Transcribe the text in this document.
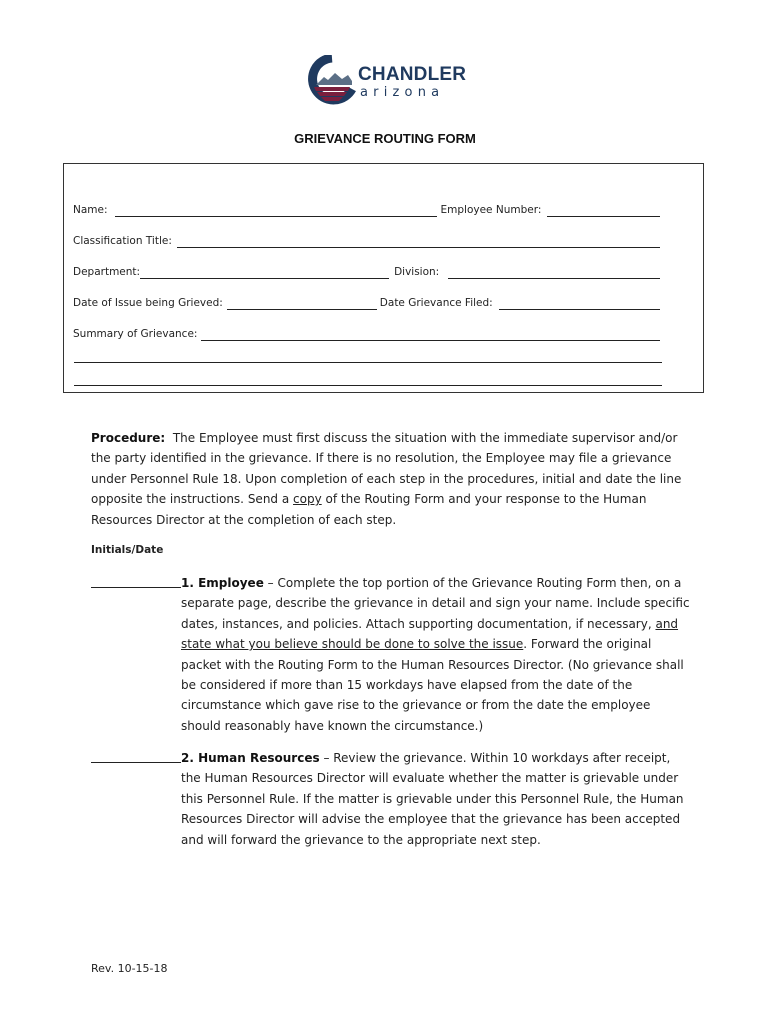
CHANDLER
arizona
GRIEVANCE ROUTING FORM
Name:	Employee Number:
Classification Title:
Department:	Division:
Date of Issue being Grieved:	Date Grievance Filed:
Summary of Grievance:
Procedure: The Employee must first discuss the situation with the immediate supervisor and/or the party identified in the grievance. If there is no resolution, the Employee may file a grievance under Personnel Rule 18. Upon completion of each step in the procedures, initial and date the line opposite the instructions. Send a copy of the Routing Form and your response to the Human Resources Director at the completion of each step.
Initials/Date
1. Employee – Complete the top portion of the Grievance Routing Form then, on a separate page, describe the grievance in detail and sign your name. Include specific dates, instances, and policies. Attach supporting documentation, if necessary, and state what you believe should be done to solve the issue. Forward the original packet with the Routing Form to the Human Resources Director. (No grievance shall be considered if more than 15 workdays have elapsed from the date of the circumstance which gave rise to the grievance or from the date the employee should reasonably have known the circumstance.)
2. Human Resources – Review the grievance. Within 10 workdays after receipt, the Human Resources Director will evaluate whether the matter is grievable under this Personnel Rule. If the matter is grievable under this Personnel Rule, the Human Resources Director will advise the employee that the grievance has been accepted and will forward the grievance to the appropriate next step.
Rev. 10-15-18
